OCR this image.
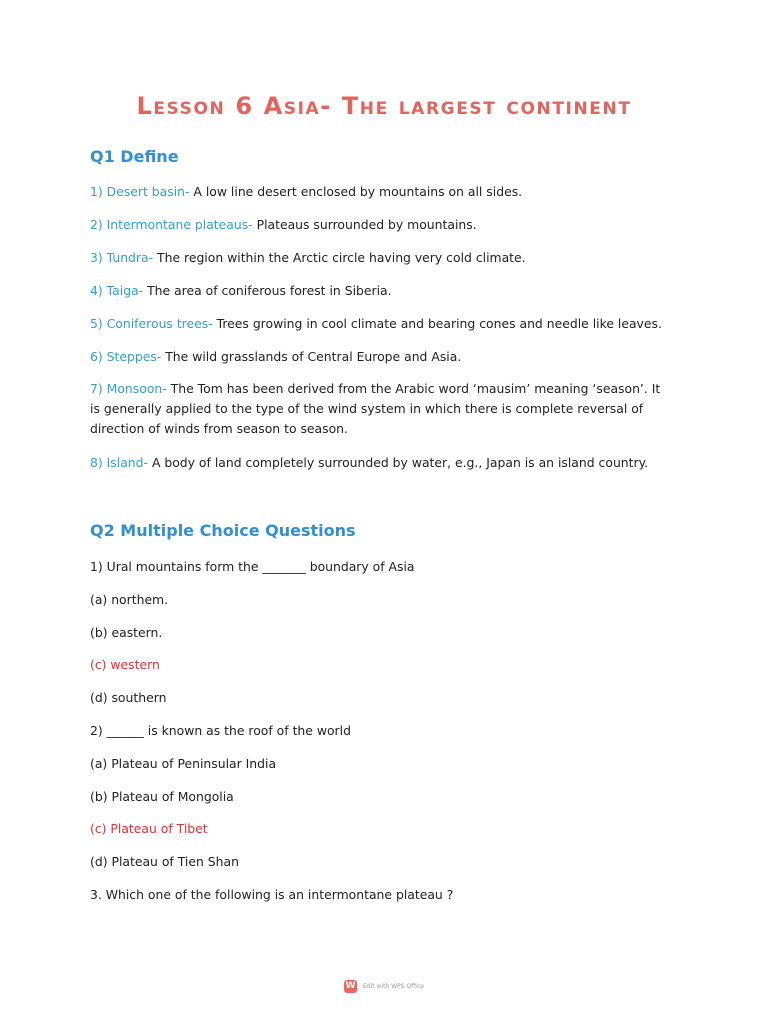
Lesson 6 Asia- The largest continent
Q1 Define

1) Desert basin- A low line desert enclosed by mountains on all sides.

2) Intermontane plateaus- Plateaus surrounded by mountains.

3) Tundra- The region within the Arctic circle having very cold climate.

4) Taiga- The area of coniferous forest in Siberia.

5) Coniferous trees- Trees growing in cool climate and bearing cones and needle like leaves.

6) Steppes- The wild grasslands of Central Europe and Asia.

7) Monsoon- The Tom has been derived from the Arabic word ‘mausim’ meaning ‘season’. It is generally applied to the type of the wind system in which there is complete reversal of direction of winds from season to season.

8) Island- A body of land completely surrounded by water, e.g., Japan is an island country.

Q2 Multiple Choice Questions

1) Ural mountains form the _______ boundary of Asia

(a) northem.

(b) eastern.

(c) western

(d) southern

2) ______ is known as the roof of the world

(a) Plateau of Peninsular India

(b) Plateau of Mongolia

(c) Plateau of Tibet

(d) Plateau of Tien Shan

3. Which one of the following is an intermontane plateau ?

W Edit with WPS Office
